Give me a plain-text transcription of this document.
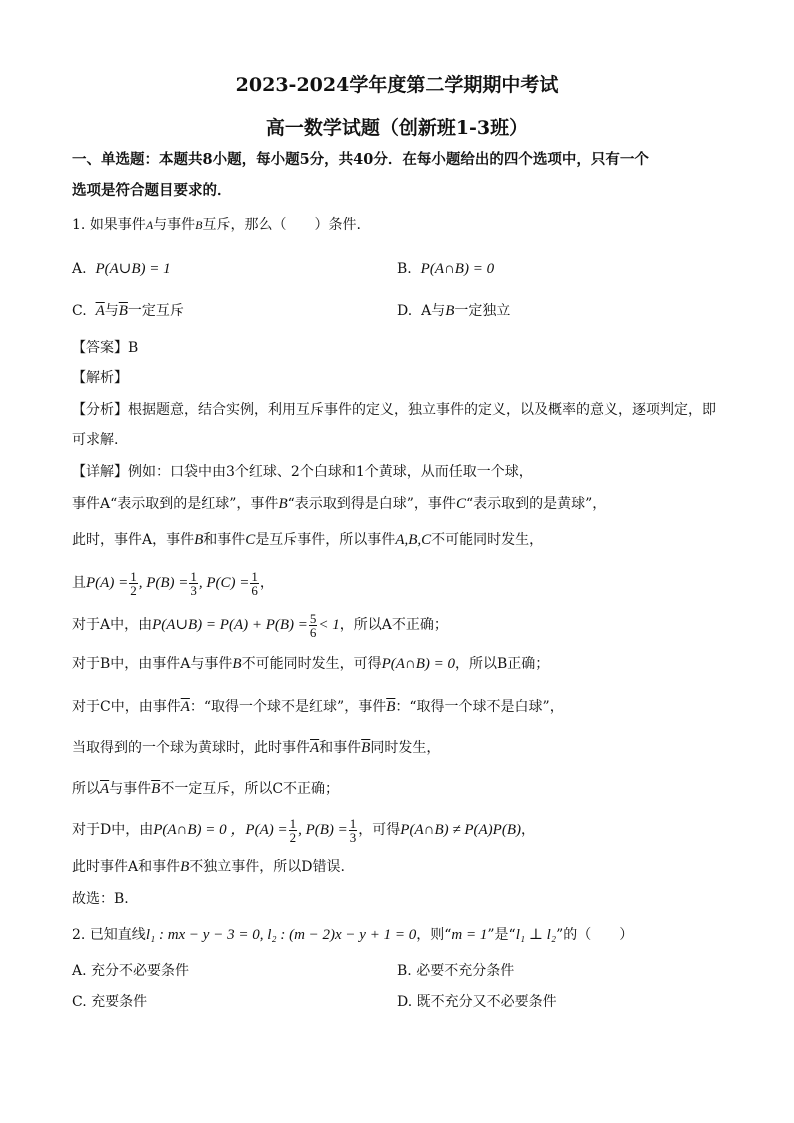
2023-2024学年度第二学期期中考试
高一数学试题（创新班1-3班）
一、单选题：本题共8小题，每小题5分，共40分．在每小题给出的四个选项中，只有一个
选项是符合题目要求的．
1. 如果事件A与事件B互斥，那么（　　）条件.
A. P(A∪B) = 1	B. P(A∩B) = 0
C. $\overline{A}$与$\overline{B}$一定互斥	D. A与B一定独立
【答案】B
【解析】
【分析】根据题意，结合实例，利用互斥事件的定义，独立事件的定义，以及概率的意义，逐项判定，即
可求解.
【详解】例如：口袋中由3个红球、2个白球和1个黄球，从而任取一个球，
事件A“表示取到的是红球”，事件B“表示取到得是白球”，事件C“表示取到的是黄球”，
此时，事件A，事件B和事件C是互斥事件，所以事件A,B,C不可能同时发生，
且$P(A) = \frac{1}{2}$ , $P(B) = \frac{1}{3}$ , $P(C) = \frac{1}{6}$ ，
对于A中，由P(A∪B) = $P(A) + P(B) = \frac{5}{6} < 1$，所以A不正确；
对于B中，由事件A与事件B不可能同时发生，可得P(A∩B) = 0，所以B正确；
对于C中，由事件$\overline{A}$：“取得一个球不是红球”，事件$\overline{B}$：“取得一个球不是白球”，
当取得到的一个球为黄球时，此时事件$\overline{A}$和事件$\overline{B}$同时发生，
所以$\overline{A}$与事件$\overline{B}$不一定互斥，所以C不正确；
对于D中，由P(A∩B) = 0 ，$P(A) = \frac{1}{2}$ , $P(B) = \frac{1}{3}$ ，可得P(A∩B) ≠ P(A)P(B)，
此时事件A和事件B不独立事件，所以D错误.
故选：B.
2. 已知直线l₁ : mx − y − 3 = 0, l₂ : (m − 2)x − y + 1 = 0，则“m = 1”是“l₁ ⊥ l₂”的（　　）
A. 充分不必要条件	B. 必要不充分条件
C. 充要条件	D. 既不充分又不必要条件
